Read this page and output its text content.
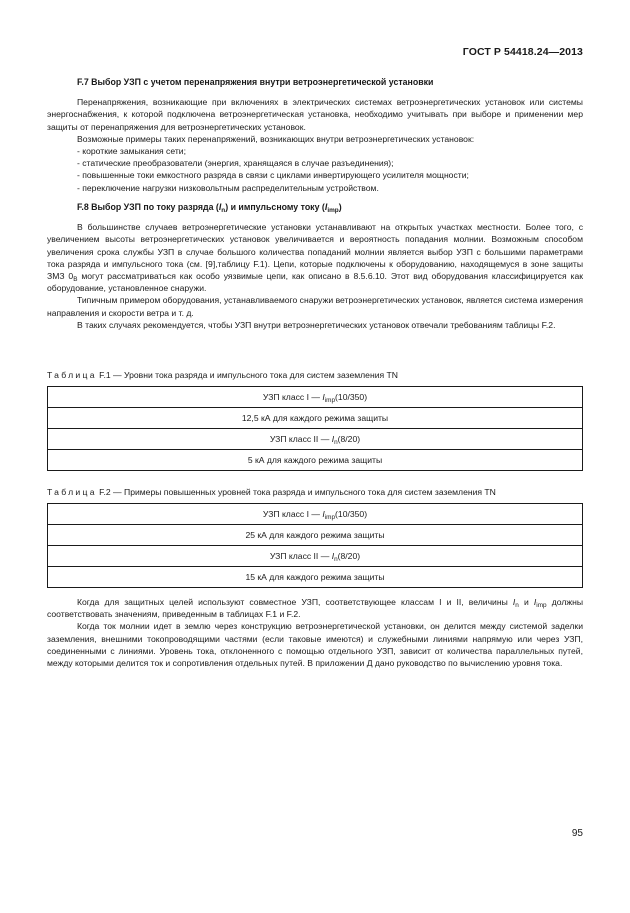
ГОСТ Р 54418.24—2013
F.7 Выбор УЗП с учетом перенапряжения внутри ветроэнергетической установки

Перенапряжения, возникающие при включениях в электрических системах ветроэнергетических установок или системы энергоснабжения, к которой подключена ветроэнергетическая установка, необходимо учитывать при выборе и применении мер защиты от перенапряжения для ветроэнергетических установок.

Возможные примеры таких перенапряжений, возникающих внутри ветроэнергетических установок:

- короткие замыкания сети;
- статические преобразователи (энергия, хранящаяся в случае разъединения);
- повышенные токи емкостного разряда в связи с циклами инвертирующего усилителя мощности;
- переключение нагрузки низковольтным распределительным устройством.
F.8 Выбор УЗП по току разряда $(I_n)$ и импульсному току $(I_{imp})$

В большинстве случаев ветроэнергетические установки устанавливают на открытых участках местности. Более того, с увеличением высоты ветроэнергетических установок увеличивается и вероятность попадания молнии. Возможным способом увеличения срока службы УЗП в случае большого количества попаданий молнии является выбор УЗП с большими параметрами тока разряда и импульсного тока (см. [9],таблицу F.1). Цепи, которые подключены к оборудованию, находящемуся в зоне защиты ЗМЗ $0_B$ могут рассматриваться как особо уязвимые цепи, как описано в 8.5.6.10. Этот вид оборудования классифицируется как оборудование, установленное снаружи.

Типичным примером оборудования, устанавливаемого снаружи ветроэнергетических установок, является система измерения направления и скорости ветра и т. д.

В таких случаях рекомендуется, чтобы УЗП внутри ветроэнергетических установок отвечали требованиям таблицы F.2.

Таблица F.1 — Уровни тока разряда и импульсного тока для систем заземления TN
УЗП класс I — $I_{imp}(10/350)$
12,5 кА для каждого режима защиты
УЗП класс II — $I_n(8/20)$
5 кА для каждого режима защиты
Таблица F.2 — Примеры повышенных уровней тока разряда и импульсного тока для систем заземления TN
УЗП класс I — $I_{imp}(10/350)$
25 кА для каждого режима защиты
УЗП класс II — $I_n(8/20)$
15 кА для каждого режима защиты

Когда для защитных целей используют совместное УЗП, соответствующее классам I и II, величины $I_n$ и $I_{imp}$ должны соответствовать значениям, приведенным в таблицах F.1 и F.2.

Когда ток молнии идет в землю через конструкцию ветроэнергетической установки, он делится между системой заделки заземления, внешними токопроводящими частями (если таковые имеются) и служебными линиями напрямую или через УЗП, соединенными с линиями. Уровень тока, отклоненного с помощью отдельного УЗП, зависит от количества параллельных путей, между которыми делится ток и сопротивления отдельных путей. В приложении Д дано руководство по вычислению уровня тока.

95
